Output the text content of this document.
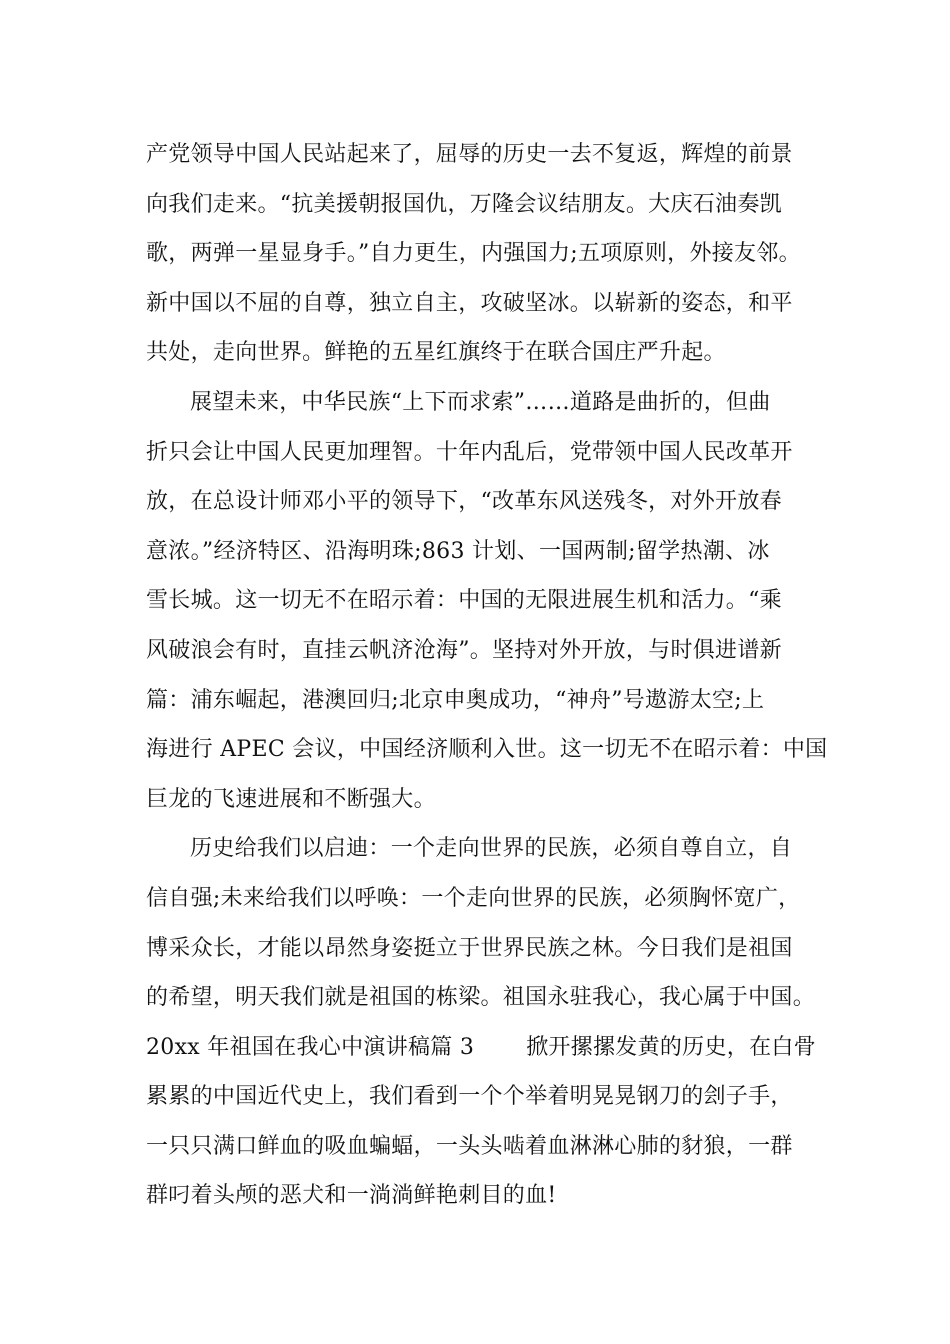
产党领导中国人民站起来了，屈辱的历史一去不复返，辉煌的前景
向我们走来。“抗美援朝报国仇，万隆会议结朋友。大庆石油奏凯
歌，两弹一星显身手。”自力更生，内强国力;五项原则，外接友邻。
新中国以不屈的自尊，独立自主，攻破坚冰。以崭新的姿态，和平
共处，走向世界。鲜艳的五星红旗终于在联合国庄严升起。
展望未来，中华民族“上下而求索”……道路是曲折的，但曲
折只会让中国人民更加理智。十年内乱后，党带领中国人民改革开
放，在总设计师邓小平的领导下，“改革东风送残冬，对外开放春
意浓。”经济特区、沿海明珠;863 计划、一国两制;留学热潮、冰
雪长城。这一切无不在昭示着：中国的无限进展生机和活力。“乘
风破浪会有时，直挂云帆济沧海”。坚持对外开放，与时俱进谱新
篇：浦东崛起，港澳回归;北京申奥成功，“神舟”号遨游太空;上
海进行 APEC 会议，中国经济顺利入世。这一切无不在昭示着：中国
巨龙的飞速进展和不断强大。
历史给我们以启迪：一个走向世界的民族，必须自尊自立，自
信自强;未来给我们以呼唤：一个走向世界的民族，必须胸怀宽广，
博采众长，才能以昂然身姿挺立于世界民族之林。今日我们是祖国
的希望，明天我们就是祖国的栋梁。祖国永驻我心，我心属于中国。
20xx 年祖国在我心中演讲稿篇 3　　 掀开摞摞发黄的历史，在白骨
累累的中国近代史上，我们看到一个个举着明晃晃钢刀的刽子手，
一只只满口鲜血的吸血蝙蝠，一头头啮着血淋淋心肺的豺狼，一群
群叼着头颅的恶犬和一淌淌鲜艳刺目的血!
